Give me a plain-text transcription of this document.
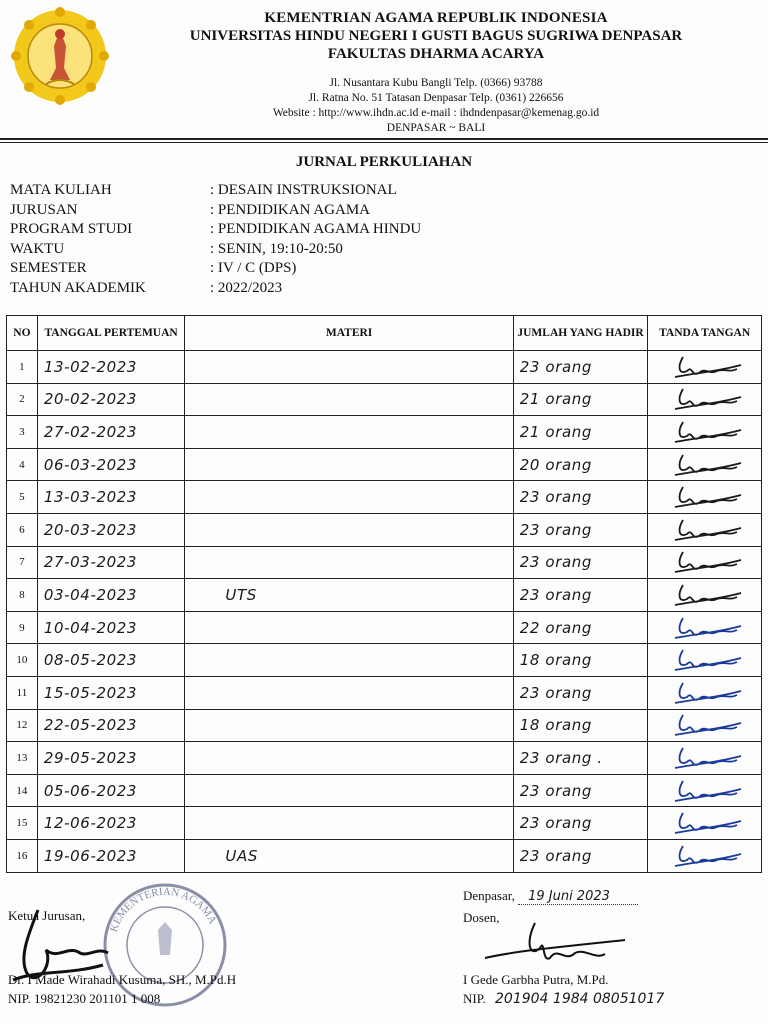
KEMENTRIAN AGAMA REPUBLIK INDONESIA
UNIVERSITAS HINDU NEGERI I GUSTI BAGUS SUGRIWA DENPASAR
FAKULTAS DHARMA ACARYA
Jl. Nusantara Kubu Bangli Telp. (0366) 93788
Jl. Ratna No. 51 Tatasan Denpasar Telp. (0361) 226656
Website : http://www.ihdn.ac.id e-mail : ihdndenpasar@kemenag.go.id
DENPASAR ~ BALI
JURNAL PERKULIAHAN
MATA KULIAH	: DESAIN INSTRUKSIONAL
JURUSAN	: PENDIDIKAN AGAMA
PROGRAM STUDI	: PENDIDIKAN AGAMA HINDU
WAKTU	: SENIN, 19:10-20:50
SEMESTER	: IV / C (DPS)
TAHUN AKADEMIK	: 2022/2023
NO	TANGGAL PERTEMUAN	MATERI	JUMLAH YANG HADIR	TANDA TANGAN
1	13-02-2023		23 orang	

2	20-02-2023		21 orang	

3	27-02-2023		21 orang	

4	06-03-2023		20 orang	

5	13-03-2023		23 orang	

6	20-03-2023		23 orang	

7	27-03-2023		23 orang	

8	03-04-2023	UTS	23 orang	

9	10-04-2023		22 orang	

10	08-05-2023		18 orang	

11	15-05-2023		23 orang	

12	22-05-2023		18 orang	

13	29-05-2023		23 orang .	

14	05-06-2023		23 orang	

15	12-06-2023		23 orang	

16	19-06-2023	UAS	23 orang	
Ketua Jurusan,
KEMENTERIAN AGAMA
Dr. I Made Wirahadi Kusuma, SH., M.Pd.H
NIP. 19821230 201101 1 008
Denpasar, 19 Juni 2023
Dosen,
I Gede Garbha Putra, M.Pd.
NIP. 201904 1984 08051017
